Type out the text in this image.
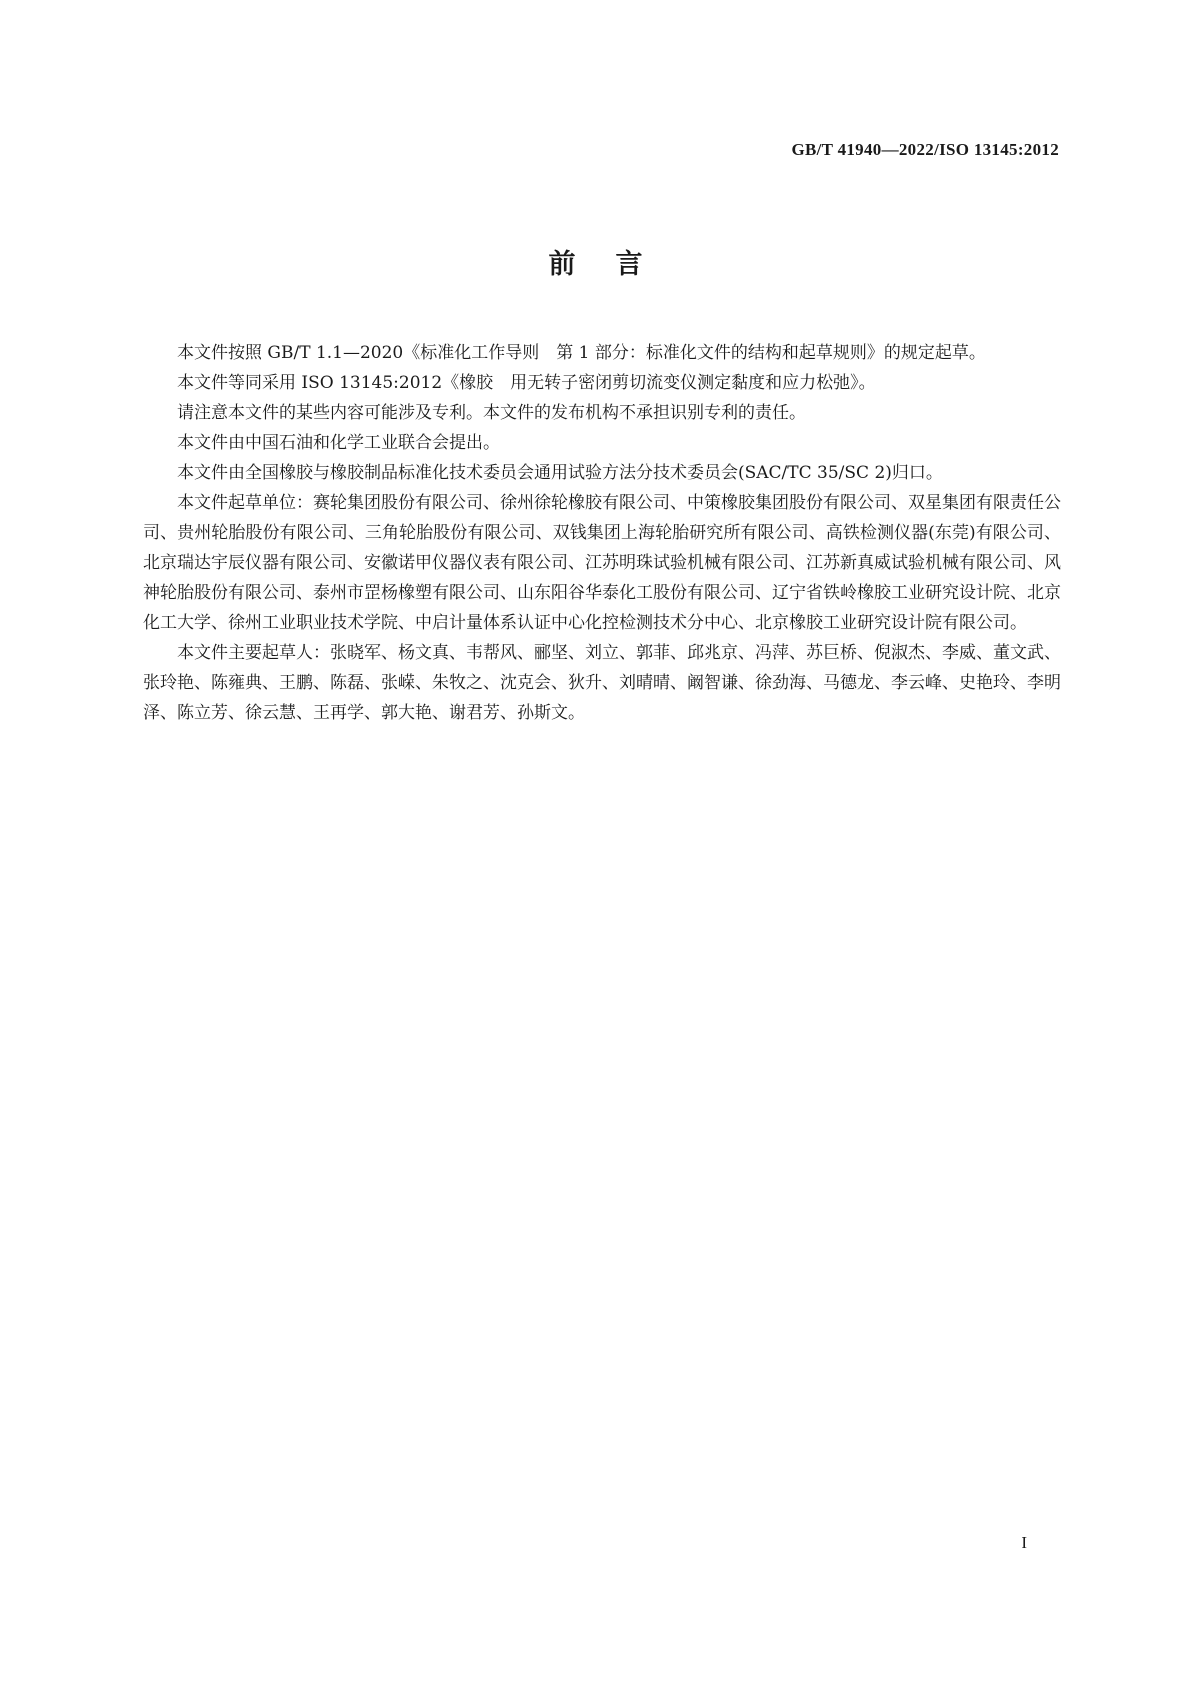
GB/T 41940—2022/ISO 13145:2012
前言

本文件按照 GB/T 1.1—2020《标准化工作导则　第 1 部分：标准化文件的结构和起草规则》的规定起草。

本文件等同采用 ISO 13145:2012《橡胶　用无转子密闭剪切流变仪测定黏度和应力松弛》。

请注意本文件的某些内容可能涉及专利。本文件的发布机构不承担识别专利的责任。

本文件由中国石油和化学工业联合会提出。

本文件由全国橡胶与橡胶制品标准化技术委员会通用试验方法分技术委员会(SAC/TC 35/SC 2)归口。

本文件起草单位：赛轮集团股份有限公司、徐州徐轮橡胶有限公司、中策橡胶集团股份有限公司、双星集团有限责任公司、贵州轮胎股份有限公司、三角轮胎股份有限公司、双钱集团上海轮胎研究所有限公司、高铁检测仪器(东莞)有限公司、北京瑞达宇辰仪器有限公司、安徽诺甲仪器仪表有限公司、江苏明珠试验机械有限公司、江苏新真威试验机械有限公司、风神轮胎股份有限公司、泰州市罡杨橡塑有限公司、山东阳谷华泰化工股份有限公司、辽宁省铁岭橡胶工业研究设计院、北京化工大学、徐州工业职业技术学院、中启计量体系认证中心化控检测技术分中心、北京橡胶工业研究设计院有限公司。

本文件主要起草人：张晓军、杨文真、韦帮风、郦坚、刘立、郭菲、邱兆京、冯萍、苏巨桥、倪淑杰、李威、董文武、张玲艳、陈雍典、王鹏、陈磊、张嵘、朱牧之、沈克会、狄升、刘晴晴、阚智谦、徐劲海、马德龙、李云峰、史艳玲、李明泽、陈立芳、徐云慧、王再学、郭大艳、谢君芳、孙斯文。

I
